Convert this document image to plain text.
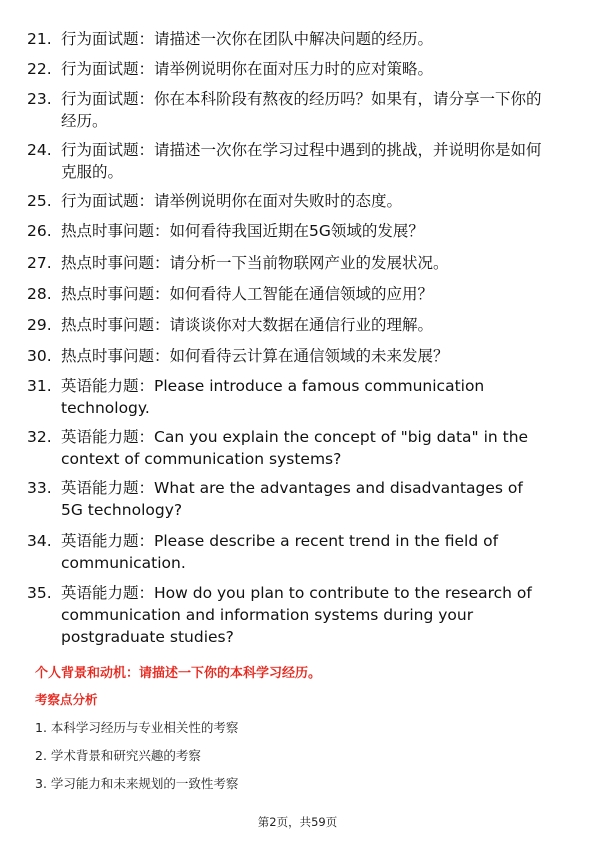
21. 行为面试题：请描述一次你在团队中解决问题的经历。
22. 行为面试题：请举例说明你在面对压力时的应对策略。
23. 行为面试题：你在本科阶段有熬夜的经历吗？如果有，请分享一下你的经历。
24. 行为面试题：请描述一次你在学习过程中遇到的挑战，并说明你是如何克服的。
25. 行为面试题：请举例说明你在面对失败时的态度。
26. 热点时事问题：如何看待我国近期在5G领域的发展？
27. 热点时事问题：请分析一下当前物联网产业的发展状况。
28. 热点时事问题：如何看待人工智能在通信领域的应用？
29. 热点时事问题：请谈谈你对大数据在通信行业的理解。
30. 热点时事问题：如何看待云计算在通信领域的未来发展？
31. 英语能力题：Please introduce a famous communication technology.
32. 英语能力题：Can you explain the concept of "big data" in the context of communication systems?
33. 英语能力题：What are the advantages and disadvantages of 5G technology?
34. 英语能力题：Please describe a recent trend in the field of communication.
35. 英语能力题：How do you plan to contribute to the research of communication and information systems during your postgraduate studies?
个人背景和动机：请描述一下你的本科学习经历。
考察点分析
1. 本科学习经历与专业相关性的考察
2. 学术背景和研究兴趣的考察
3. 学习能力和未来规划的一致性考察
第2页，共59页
